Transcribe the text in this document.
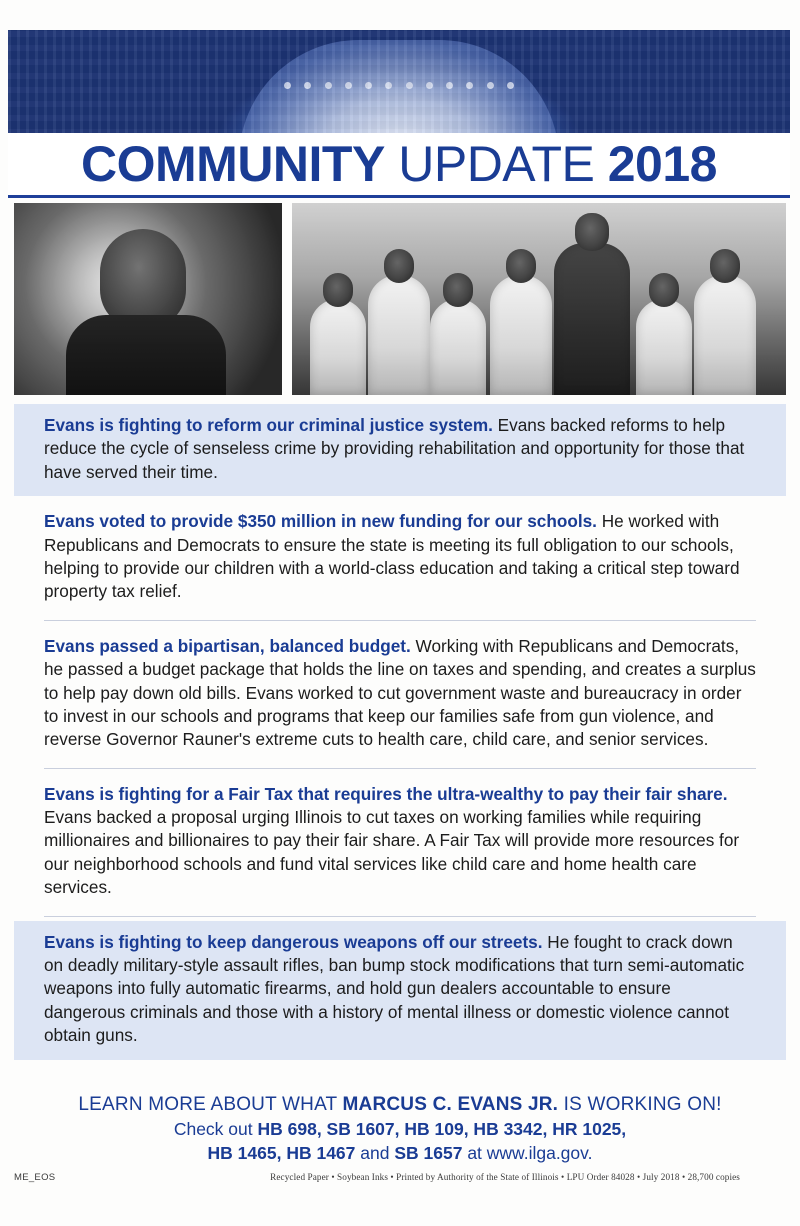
COMMUNITY UPDATE 2018

Evans is fighting to reform our criminal justice system. Evans backed reforms to help reduce the cycle of senseless crime by providing rehabilitation and opportunity for those that have served their time.

Evans voted to provide $350 million in new funding for our schools. He worked with Republicans and Democrats to ensure the state is meeting its full obligation to our schools, helping to provide our children with a world-class education and taking a critical step toward property tax relief.

Evans passed a bipartisan, balanced budget. Working with Republicans and Democrats, he passed a budget package that holds the line on taxes and spending, and creates a surplus to help pay down old bills. Evans worked to cut government waste and bureaucracy in order to invest in our schools and programs that keep our families safe from gun violence, and reverse Governor Rauner's extreme cuts to health care, child care, and senior services.

Evans is fighting for a Fair Tax that requires the ultra-wealthy to pay their fair share. Evans backed a proposal urging Illinois to cut taxes on working families while requiring millionaires and billionaires to pay their fair share. A Fair Tax will provide more resources for our neighborhood schools and fund vital services like child care and home health care services.

Evans is fighting to keep dangerous weapons off our streets. He fought to crack down on deadly military-style assault rifles, ban bump stock modifications that turn semi-automatic weapons into fully automatic firearms, and hold gun dealers accountable to ensure dangerous criminals and those with a history of mental illness or domestic violence cannot obtain guns.

LEARN MORE ABOUT WHAT MARCUS C. EVANS JR. IS WORKING ON!
Check out HB 698, SB 1607, HB 109, HB 3342, HR 1025,
HB 1465, HB 1467 and SB 1657 at www.ilga.gov.
ME_EOS	Recycled Paper • Soybean Inks • Printed by Authority of the State of Illinois • LPU Order 84028 • July 2018 • 28,700 copies
